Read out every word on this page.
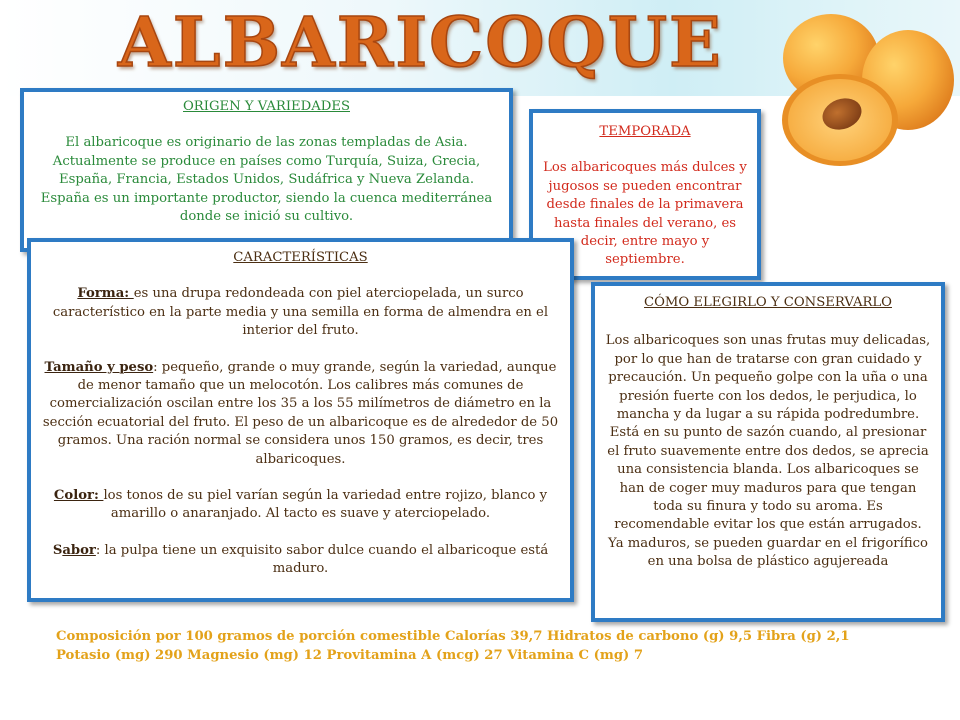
ALBARICOQUE

ORIGEN Y VARIEDADES

El albaricoque es originario de las zonas templadas de Asia. Actualmente se produce en países como Turquía, Suiza, Grecia, España, Francia, Estados Unidos, Sudáfrica y Nueva Zelanda. España es un importante productor, siendo la cuenca mediterránea donde se inició su cultivo.

TEMPORADA

Los albaricoques más dulces y jugosos se pueden encontrar desde finales de la primavera hasta finales del verano, es decir, entre mayo y septiembre.

CARACTERÍSTICAS

Forma: es una drupa redondeada con piel aterciopelada, un surco característico en la parte media y una semilla en forma de almendra en el interior del fruto.

Tamaño y peso: pequeño, grande o muy grande, según la variedad, aunque de menor tamaño que un melocotón. Los calibres más comunes de comercialización oscilan entre los 35 a los 55 milímetros de diámetro en la sección ecuatorial del fruto. El peso de un albaricoque es de alrededor de 50 gramos. Una ración normal se considera unos 150 gramos, es decir, tres albaricoques.

Color: los tonos de su piel varían según la variedad entre rojizo, blanco y amarillo o anaranjado. Al tacto es suave y aterciopelado.

Sabor: la pulpa tiene un exquisito sabor dulce cuando el albaricoque está maduro.

CÓMO ELEGIRLO Y CONSERVARLO

Los albaricoques son unas frutas muy delicadas, por lo que han de tratarse con gran cuidado y precaución. Un pequeño golpe con la uña o una presión fuerte con los dedos, le perjudica, lo mancha y da lugar a su rápida podredumbre. Está en su punto de sazón cuando, al presionar el fruto suavemente entre dos dedos, se aprecia una consistencia blanda. Los albaricoques se han de coger muy maduros para que tengan toda su finura y todo su aroma. Es recomendable evitar los que están arrugados. Ya maduros, se pueden guardar en el frigorífico en una bolsa de plástico agujereada

Composición por 100 gramos de porción comestible Calorías 39,7 Hidratos de carbono (g) 9,5 Fibra (g) 2,1
Potasio (mg) 290 Magnesio (mg) 12 Provitamina A (mcg) 27 Vitamina C (mg) 7
